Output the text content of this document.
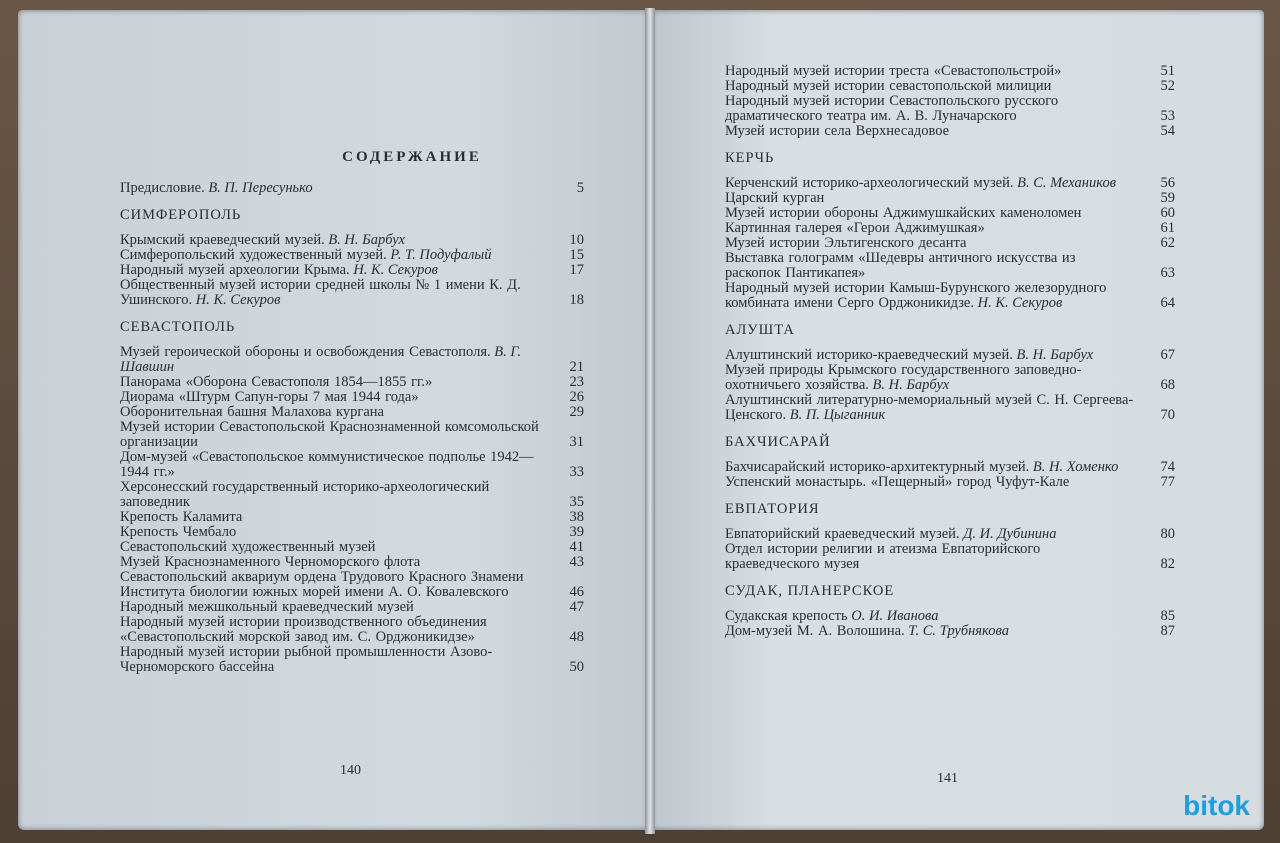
СОДЕРЖАНИЕ
Предисловие. В. П. Пересунько	5
СИМФЕРОПОЛЬ
Крымский краеведческий музей. В. Н. Барбух	10
Симферопольский художественный музей. Р. Т. Подуфалый	15
Народный музей археологии Крыма. Н. К. Секуров	17
Общественный музей истории средней школы № 1 имени К. Д. Ушинского. Н. К. Секуров	18
СЕВАСТОПОЛЬ
Музей героической обороны и освобождения Севастополя. В. Г. Шавшин	21
Панорама «Оборона Севастополя 1854—1855 гг.»	23
Диорама «Штурм Сапун-горы 7 мая 1944 года»	26
Оборонительная башня Малахова кургана	29
Музей истории Севастопольской Краснознаменной комсомольской организации	31
Дом-музей «Севастопольское коммунистическое подполье 1942—1944 гг.»	33
Херсонесский государственный историко-археологический заповедник	35
Крепость Каламита	38
Крепость Чембало	39
Севастопольский художественный музей	41
Музей Краснознаменного Черноморского флота	43
Севастопольский аквариум ордена Трудового Красного Знамени Института биологии южных морей имени А. О. Ковалевского	46
Народный межшкольный краеведческий музей	47
Народный музей истории производственного объединения «Севастопольский морской завод им. С. Орджоникидзе»	48
Народный музей истории рыбной промышленности Азово-Черноморского бассейна	50
Народный музей истории треста «Севастопольстрой»	51
Народный музей истории севастопольской милиции	52
Народный музей истории Севастопольского русского драматического театра им. А. В. Луначарского	53
Музей истории села Верхнесадовое	54
КЕРЧЬ
Керченский историко-археологический музей. В. С. Механиков	56
Царский курган	59
Музей истории обороны Аджимушкайских каменоломен	60
Картинная галерея «Герои Аджимушкая»	61
Музей истории Эльтигенского десанта	62
Выставка голограмм «Шедевры античного искусства из раскопок Пантикапея»	63
Народный музей истории Камыш-Бурунского железорудного комбината имени Серго Орджоникидзе. Н. К. Секуров	64
АЛУШТА
Алуштинский историко-краеведческий музей. В. Н. Барбух	67
Музей природы Крымского государственного заповедно-охотничьего хозяйства. В. Н. Барбух	68
Алуштинский литературно-мемориальный музей С. Н. Сергеева-Ценского. В. П. Цыганник	70
БАХЧИСАРАЙ
Бахчисарайский историко-архитектурный музей. В. Н. Хоменко	74
Успенский монастырь. «Пещерный» город Чуфут-Кале	77
ЕВПАТОРИЯ
Евпаторийский краеведческий музей. Д. И. Дубинина	80
Отдел истории религии и атеизма Евпаторийского краеведческого музея	82
СУДАК, ПЛАНЕРСКОЕ
Судакская крепость О. И. Иванова	85
Дом-музей М. А. Волошина. Т. С. Трубнякова	87
140
141
bitok
